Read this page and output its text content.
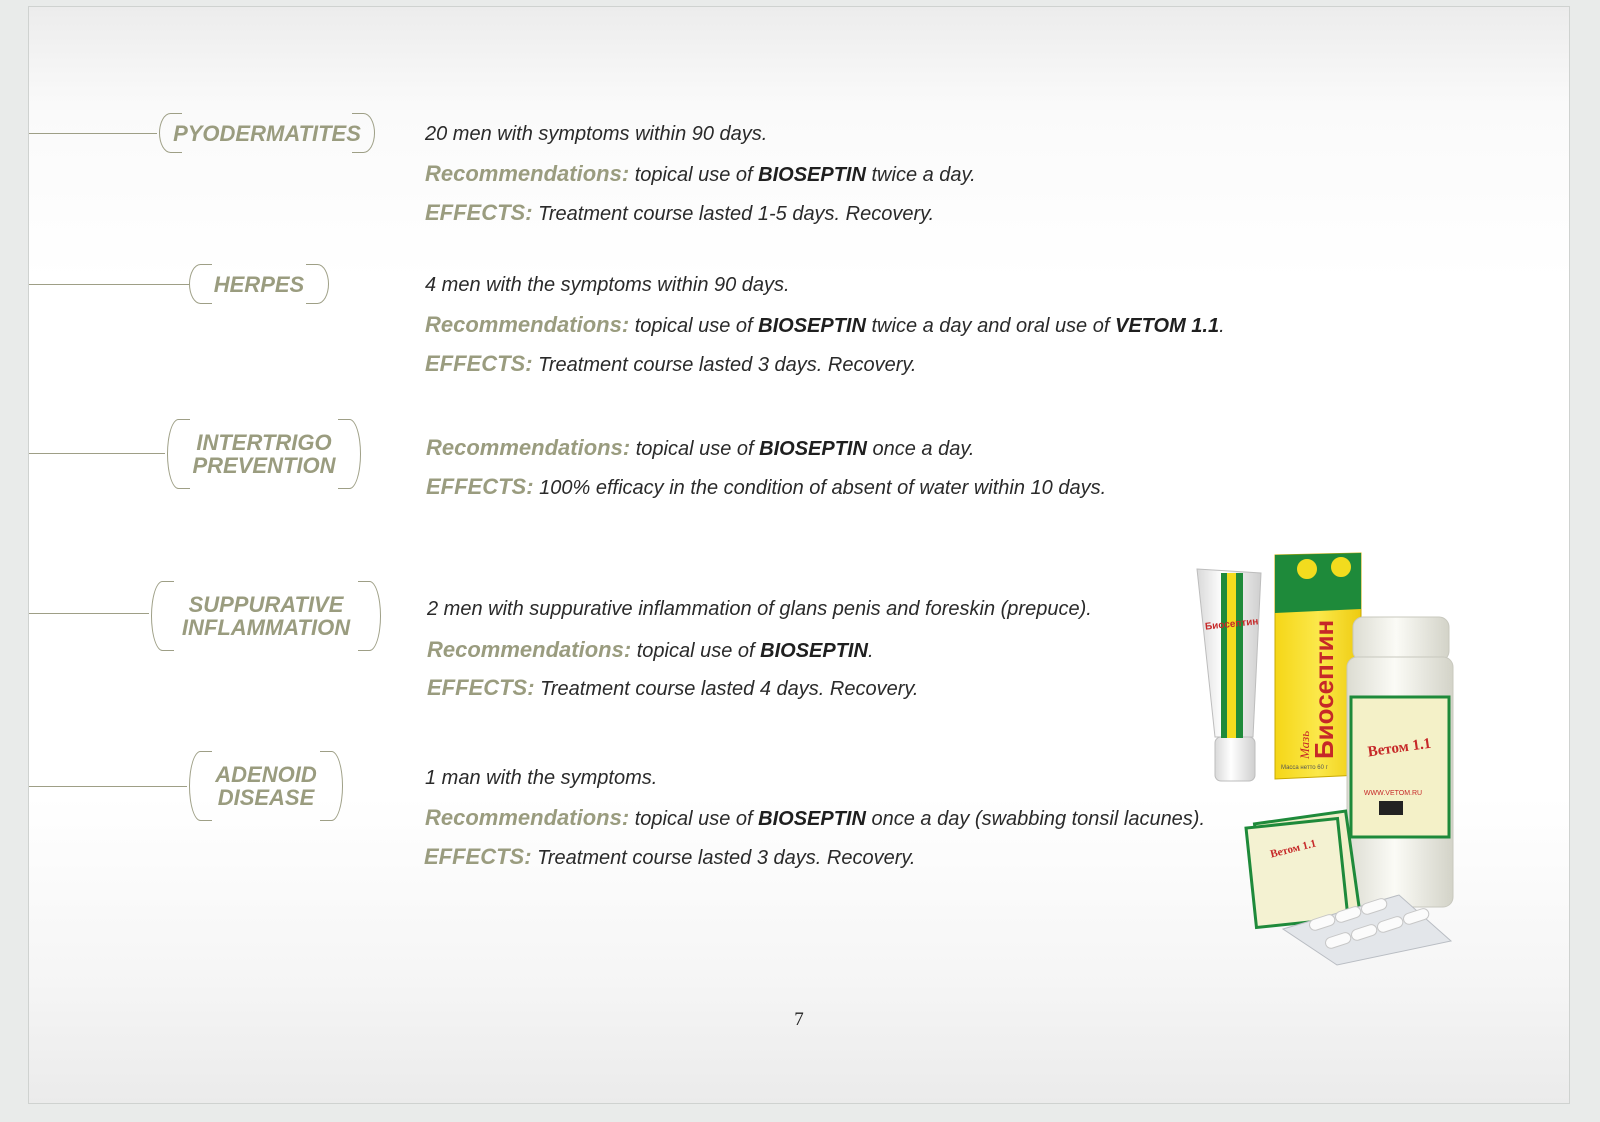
PYODERMATITES	20 men with symptoms within 90 days.
Recommendations: topical use of BIOSEPTIN twice a day.
EFFECTS: Treatment course lasted 1-5 days. Recovery.
HERPES	4 men with the symptoms within 90 days.
Recommendations: topical use of BIOSEPTIN twice a day and oral use of VETOM 1.1.
EFFECTS: Treatment course lasted 3 days. Recovery.
INTERTRIGO
PREVENTION
Recommendations: topical use of BIOSEPTIN once a day.
EFFECTS: 100% efficacy in the condition of absent of water within 10 days.
SUPPURATIVE
INFLAMMATION
2 men with suppurative inflammation of glans penis and foreskin (prepuce).
Recommendations: topical use of BIOSEPTIN.
EFFECTS: Treatment course lasted 4 days. Recovery.
ADENOID
DISEASE
1 man with the symptoms.
Recommendations: topical use of BIOSEPTIN once a day (swabbing tonsil lacunes).
EFFECTS: Treatment course lasted 3 days. Recovery.
Биосептин Биосептин
Мазь
Масса нетто 60 г
Ветом 1.1
WWW.VETOM.RU
Ветом 1.1
7
